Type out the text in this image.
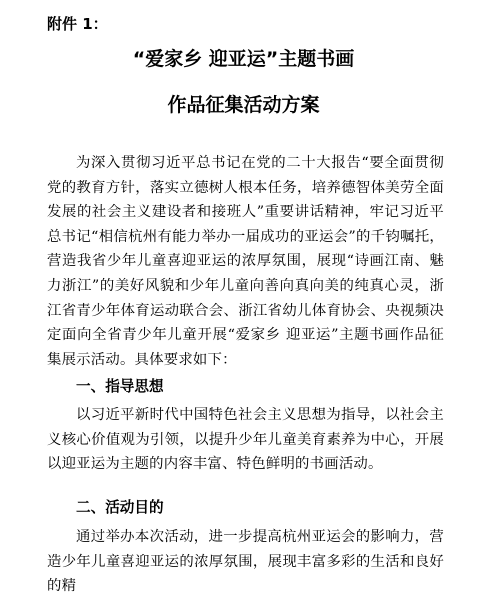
附件 1：
“爱家乡 迎亚运”主题书画
作品征集活动方案
为深入贯彻习近平总书记在党的二十大报告“要全面贯彻党的教育方针，落实立德树人根本任务，培养德智体美劳全面发展的社会主义建设者和接班人”重要讲话精神，牢记习近平总书记“相信杭州有能力举办一届成功的亚运会”的千钧嘱托，营造我省少年儿童喜迎亚运的浓厚氛围，展现“诗画江南、魅力浙江”的美好风貌和少年儿童向善向真向美的纯真心灵，浙江省青少年体育运动联合会、浙江省幼儿体育协会、央视频决定面向全省青少年儿童开展“爱家乡 迎亚运”主题书画作品征集展示活动。具体要求如下：
一、指导思想
以习近平新时代中国特色社会主义思想为指导，以社会主义核心价值观为引领，以提升少年儿童美育素养为中心，开展以迎亚运为主题的内容丰富、特色鲜明的书画活动。
二、活动目的
通过举办本次活动，进一步提高杭州亚运会的影响力，营造少年儿童喜迎亚运的浓厚氛围，展现丰富多彩的生活和良好的精
